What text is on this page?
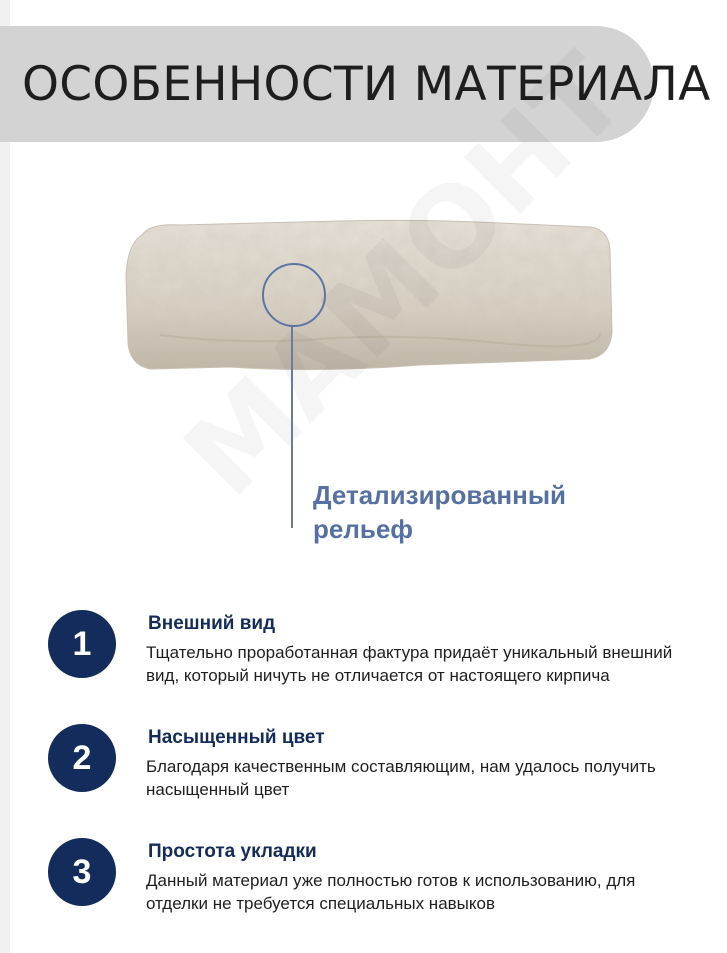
ОСОБЕННОСТИ МАТЕРИАЛА
Детализированный
рельеф
1
Внешний вид
Тщательно проработанная фактура придаёт уникальный внешний вид, который ничуть не отличается от настоящего кирпича
2
Насыщенный цвет
Благодаря качественным составляющим, нам удалось получить насыщенный цвет
3
Простота укладки
Данный материал уже полностью готов к использованию, для отделки не требуется специальных навыков
